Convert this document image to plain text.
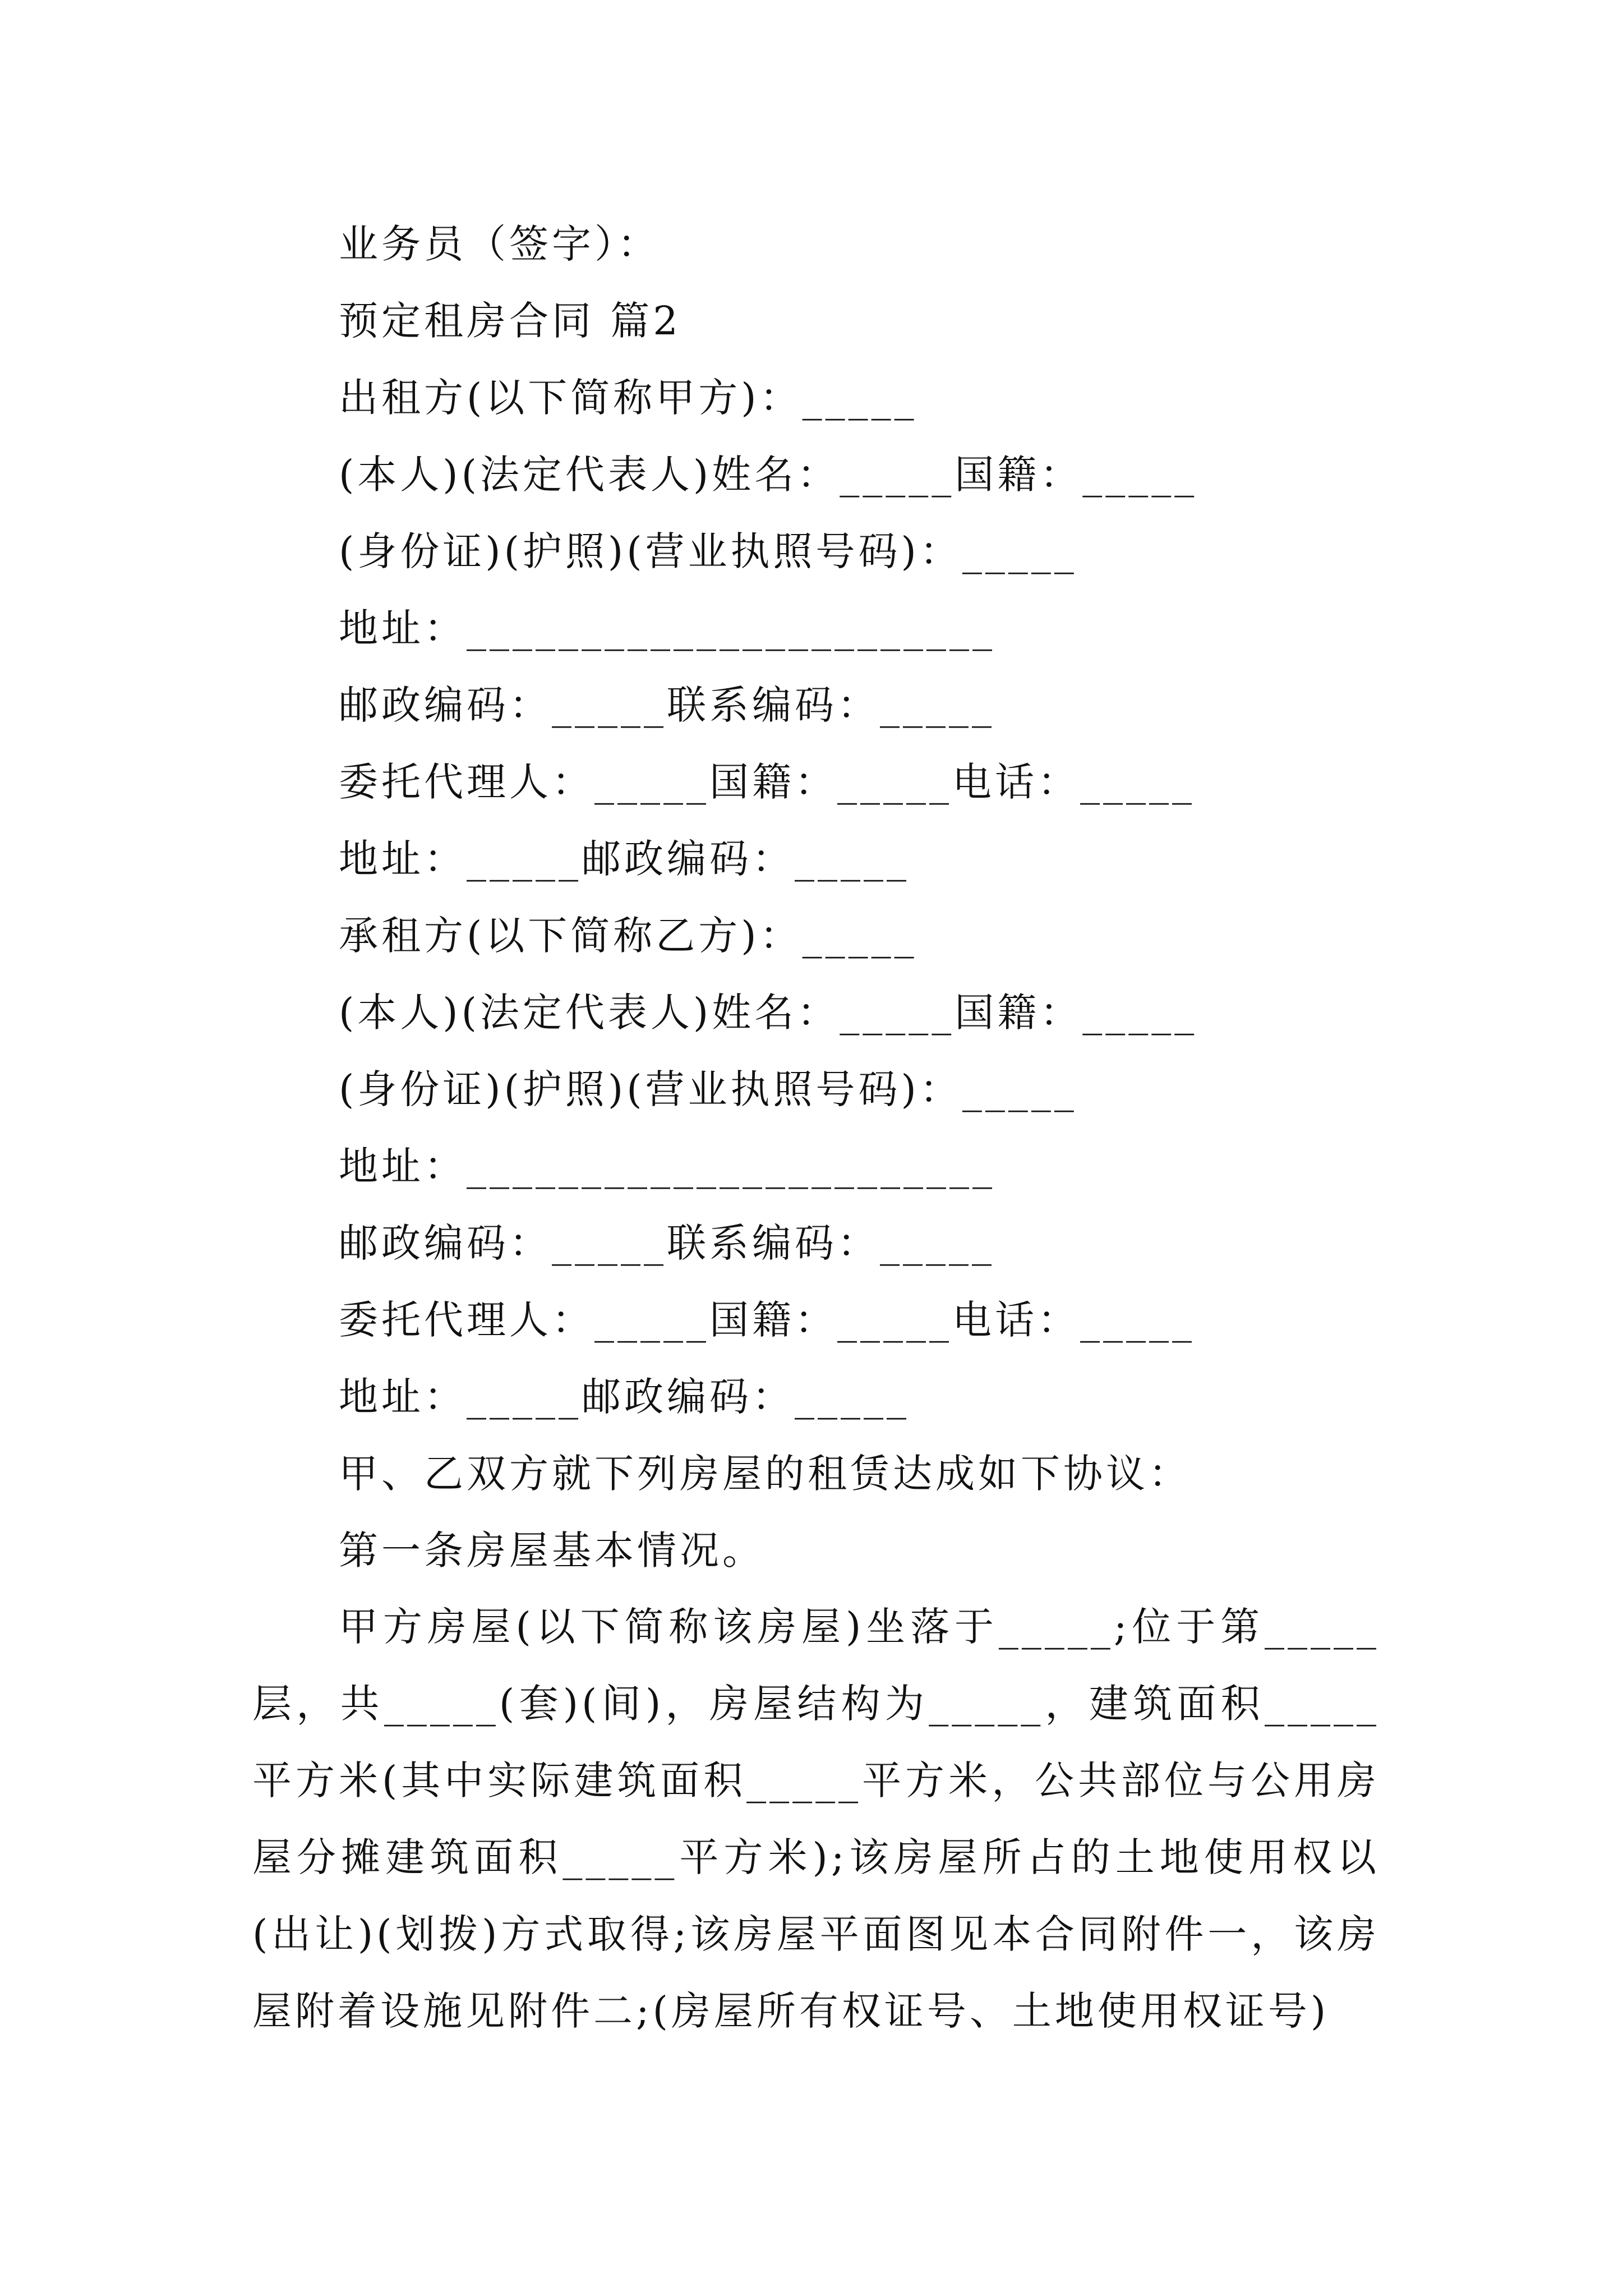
业务员（签字）：
预定租房合同 篇2
出租方(以下简称甲方)：_____
(本人)(法定代表人)姓名：_____国籍：_____
(身份证)(护照)(营业执照号码)：_____
地址：_______________________
邮政编码：_____联系编码：_____
委托代理人：_____国籍：_____电话：_____
地址：_____邮政编码：_____
承租方(以下简称乙方)：_____
(本人)(法定代表人)姓名：_____国籍：_____
(身份证)(护照)(营业执照号码)：_____
地址：_______________________
邮政编码：_____联系编码：_____
委托代理人：_____国籍：_____电话：_____
地址：_____邮政编码：_____
甲、乙双方就下列房屋的租赁达成如下协议：
第一条房屋基本情况。
甲方房屋(以下简称该房屋)坐落于_____;位于第_____层，共_____(套)(间)，房屋结构为_____，建筑面积_____平方米(其中实际建筑面积_____平方米，公共部位与公用房屋分摊建筑面积_____平方米);该房屋所占的土地使用权以(出让)(划拨)方式取得;该房屋平面图见本合同附件一，该房屋附着设施见附件二;(房屋所有权证号、土地使用权证号)
